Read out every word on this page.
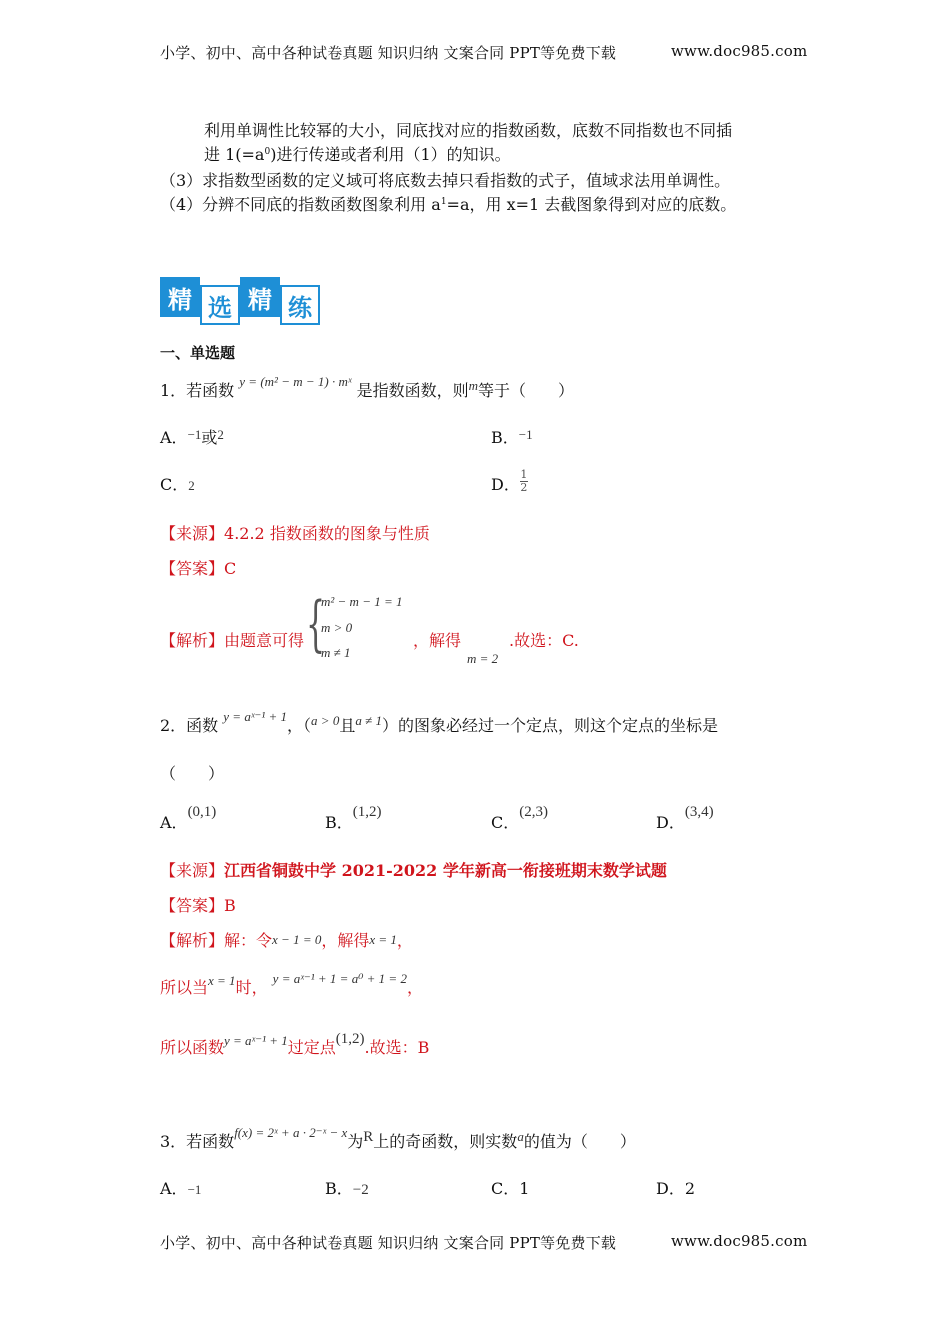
小学、初中、高中各种试卷真题 知识归纳 文案合同 PPT等免费下载	www.doc985.com
利用单调性比较幂的大小，同底找对应的指数函数，底数不同指数也不同插
进 $1(=a^0)$进行传递或者利用（1）的知识。
（3）求指数型函数的定义域可将底数去掉只看指数的式子，值域求法用单调性。
（4）分辨不同底的指数函数图象利用 $a^1=a$，用 x=1 去截图象得到对应的底数。
精 选 精 练
一、单选题
1．若函数 $^{y = (m^2 - m - 1) \cdot mˣ}$ 是指数函数，则$^m$等于（　　）
A．$^{-1}$或$^2$	B．$^{-1}$
C．2	D． $\frac{1}{2}$
【来源】4.2.2 指数函数的图象与性质
【答案】C
【解析】由题意可得 {
m² − m − 1 = 1
m > 0
m ≠ 1
，解得
m = 2
.故选：C.
2．函数 $^{y = aˣ^{-1} + 1}$，（$^{a > 0}$且$^{a \ne 1}$）的图象必经过一个定点，则这个定点的坐标是
（　　）
A．(0,1)
B．(1,2)
C．(2,3)
D．(3,4)
【来源】江西省铜鼓中学 2021-2022 学年新高一衔接班期末数学试题
【答案】B
【解析】解：令x − 1 = 0，解得x = 1，
所以当$^{x = 1}$时， $^{y = aˣ^{-1} + 1 = a^0 + 1 = 2}$，
所以函数$^{y = aˣ^{-1} + 1}$过定点(1,2).故选：B
3．若函数$^{f(x) = 2ˣ + a \cdot 2^-ˣ - x}$为R上的奇函数，则实数$^a$的值为（　　）
A．−1	B．−2	C．1	D．2
小学、初中、高中各种试卷真题 知识归纳 文案合同 PPT等免费下载	www.doc985.com
